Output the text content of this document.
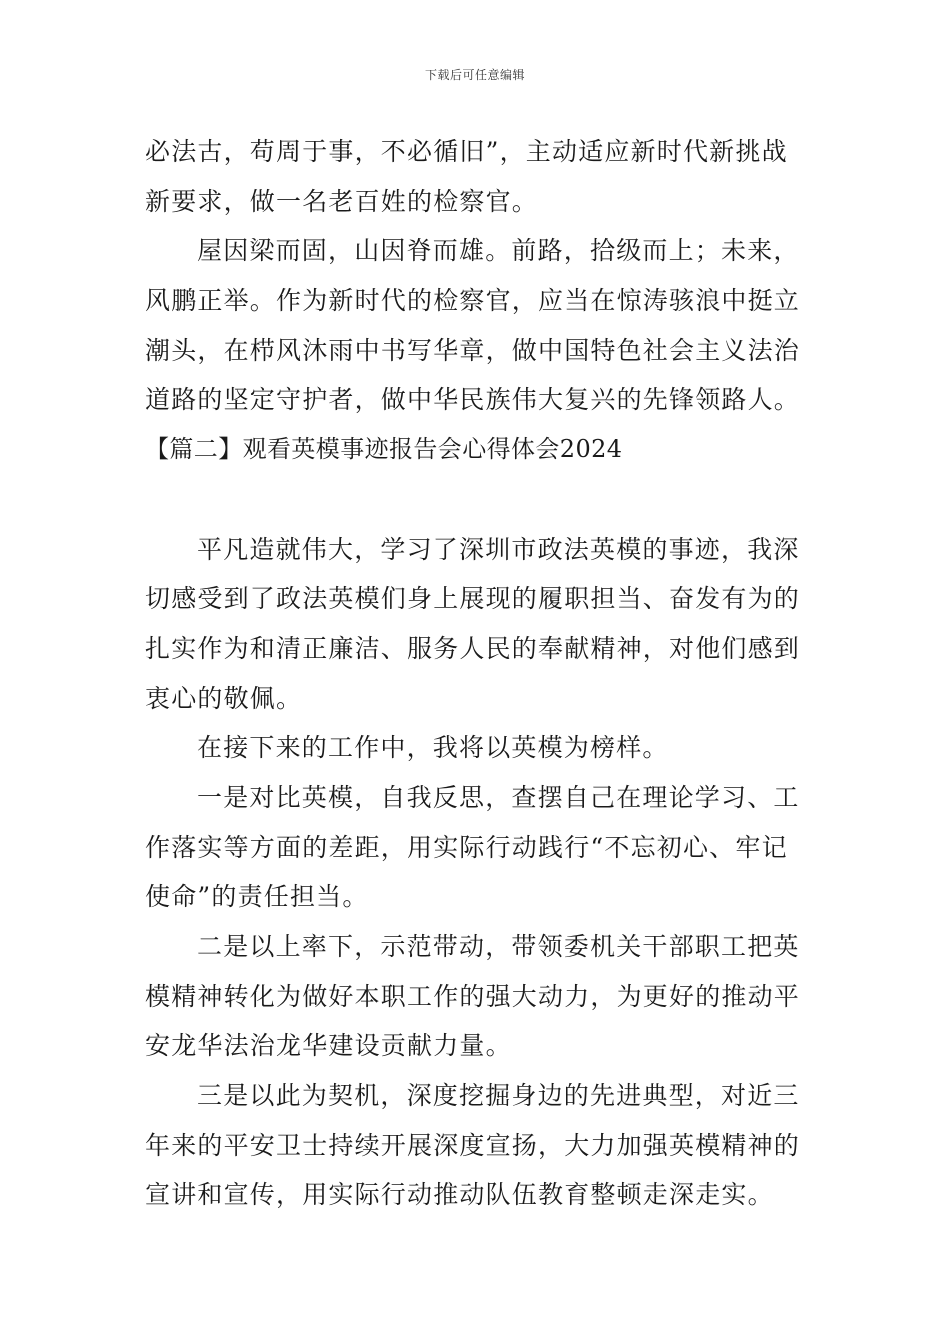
下载后可任意编辑
必法古，苟周于事，不必循旧”，主动适应新时代新挑战
新要求，做一名老百姓的检察官。
屋因梁而固，山因脊而雄。前路，拾级而上；未来，
风鹏正举。作为新时代的检察官，应当在惊涛骇浪中挺立
潮头，在栉风沐雨中书写华章，做中国特色社会主义法治
道路的坚定守护者，做中华民族伟大复兴的先锋领路人。
【篇二】观看英模事迹报告会心得体会2024
平凡造就伟大，学习了深圳市政法英模的事迹，我深
切感受到了政法英模们身上展现的履职担当、奋发有为的
扎实作为和清正廉洁、服务人民的奉献精神，对他们感到
衷心的敬佩。
在接下来的工作中，我将以英模为榜样。
一是对比英模，自我反思，查摆自己在理论学习、工
作落实等方面的差距，用实际行动践行“不忘初心、牢记
使命”的责任担当。
二是以上率下，示范带动，带领委机关干部职工把英
模精神转化为做好本职工作的强大动力，为更好的推动平
安龙华法治龙华建设贡献力量。
三是以此为契机，深度挖掘身边的先进典型，对近三
年来的平安卫士持续开展深度宣扬，大力加强英模精神的
宣讲和宣传，用实际行动推动队伍教育整顿走深走实。
